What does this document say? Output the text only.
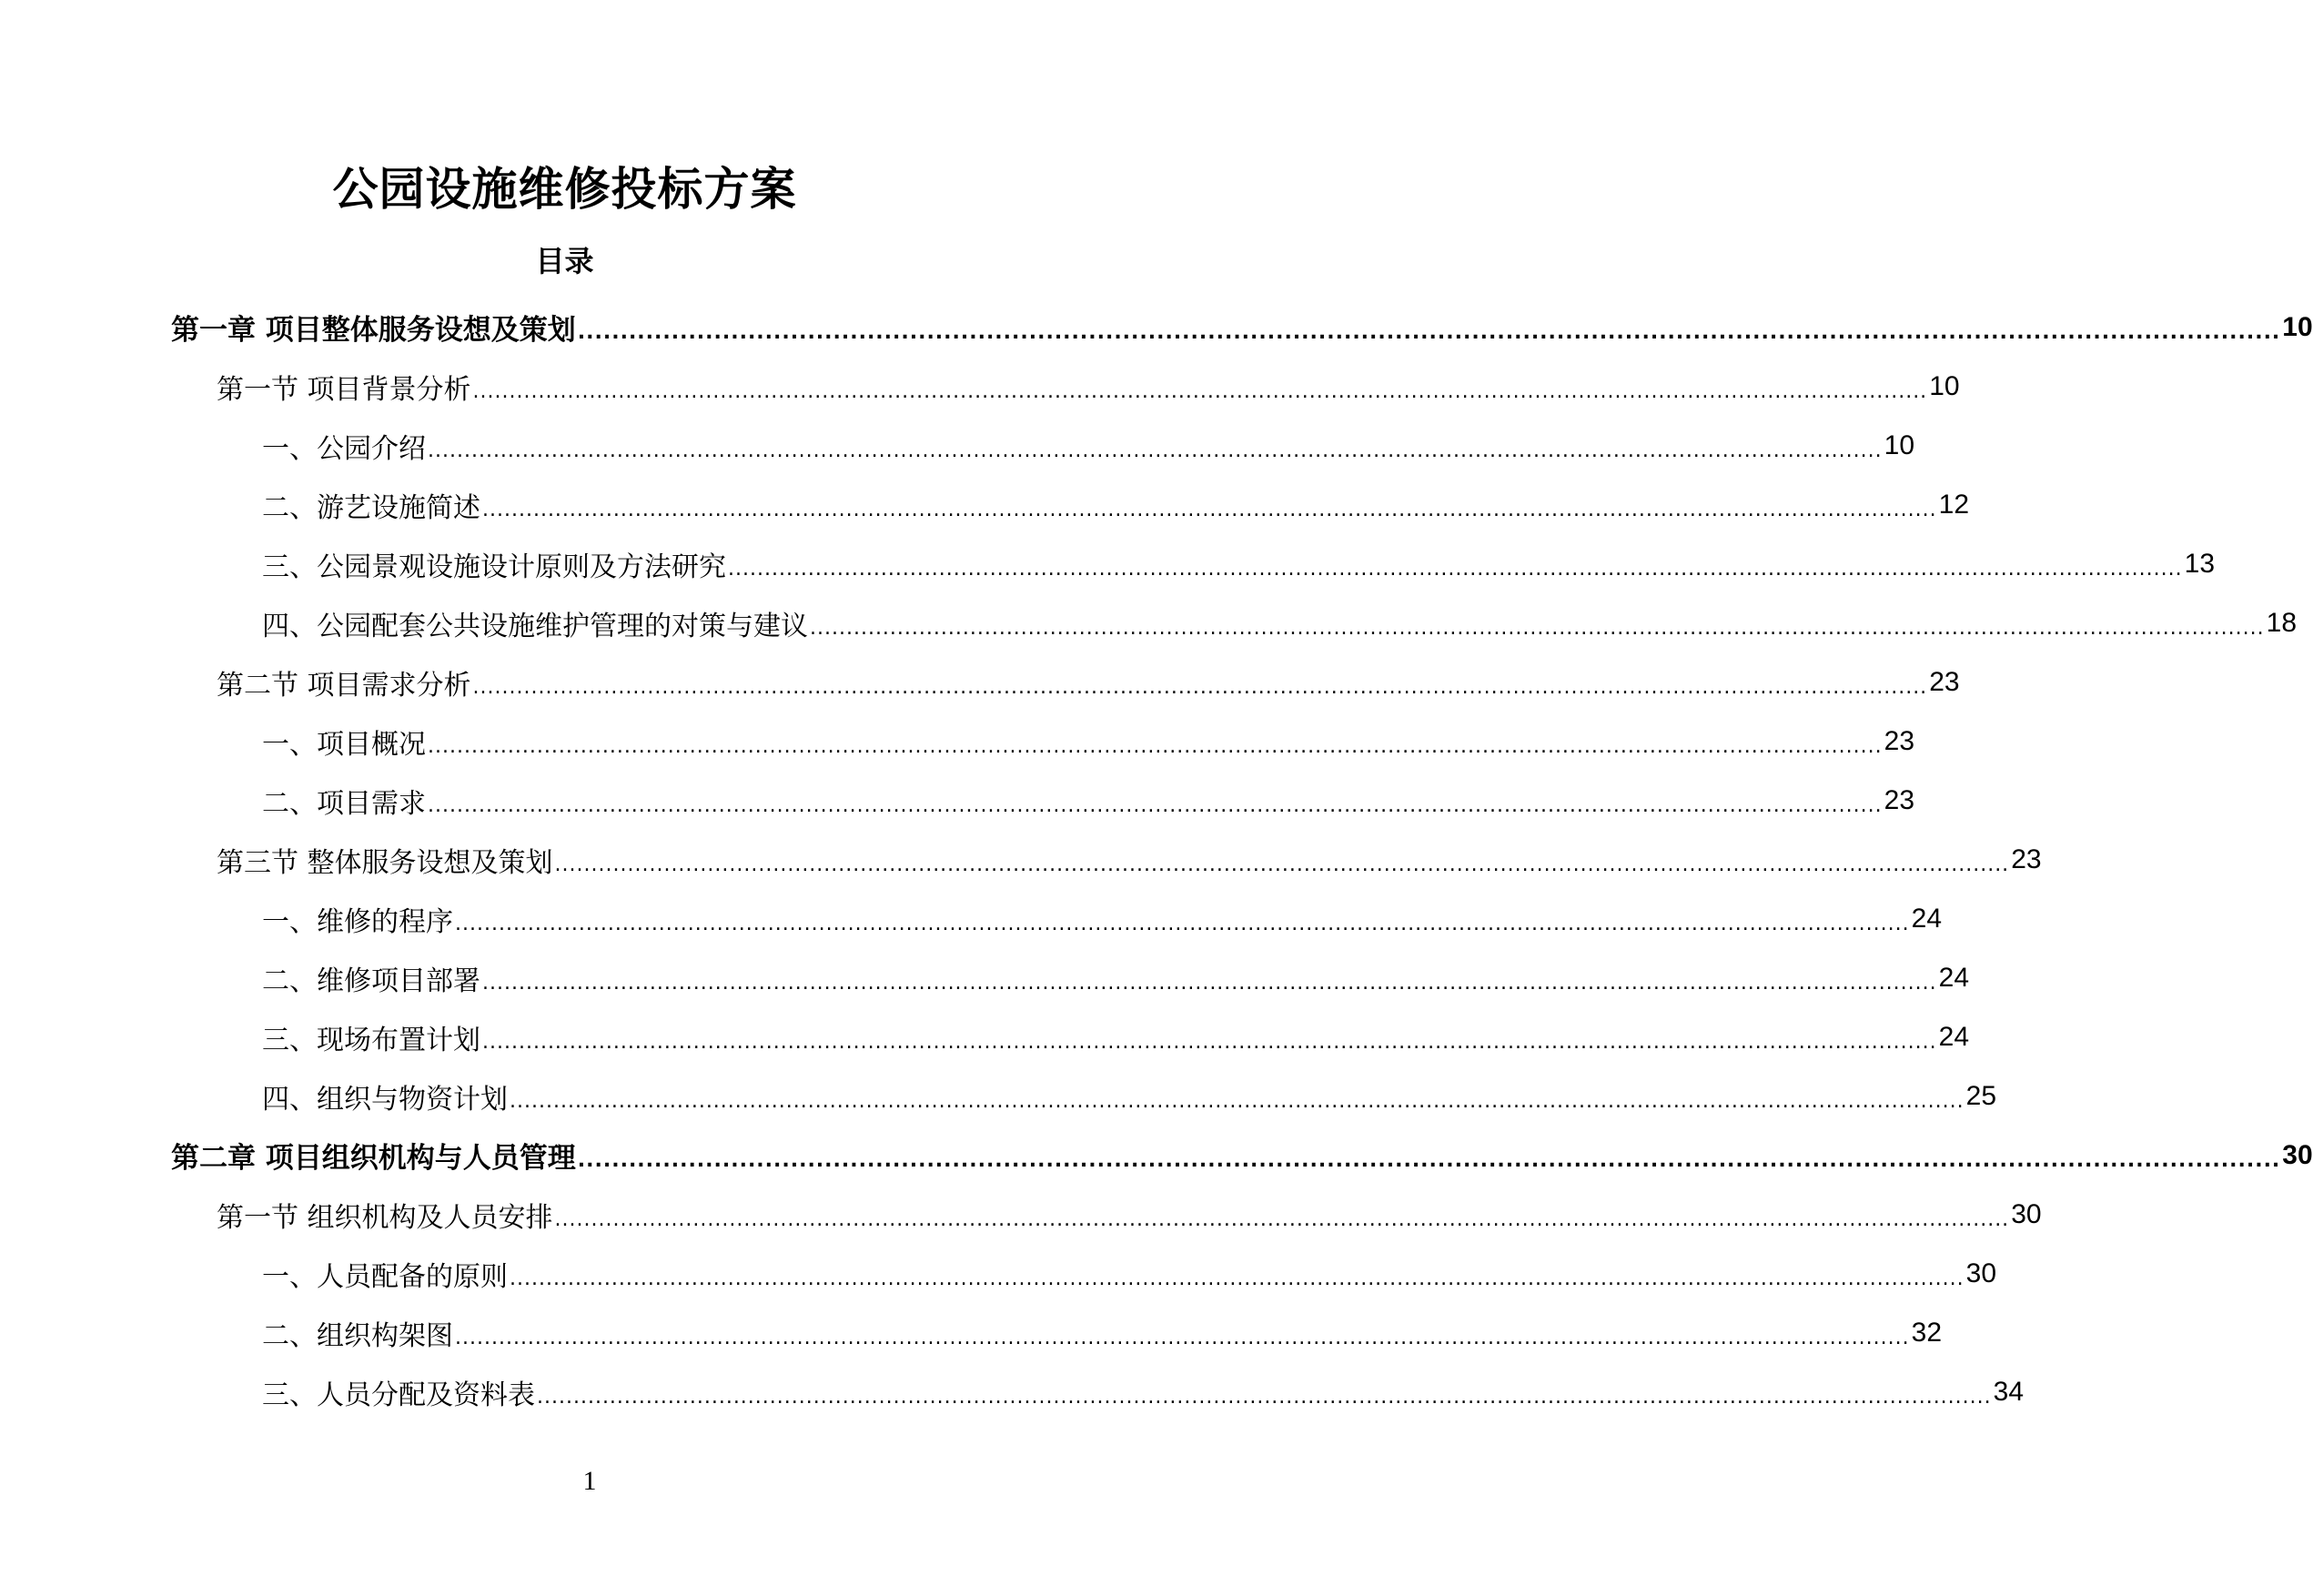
公园设施维修投标方案
目录
第一章 项目整体服务设想及策划 ........................................................................................................................................................................................................ 10
第一节 项目背景分析 ........................................................................................................................................................................................................ 10
一、公园介绍 ........................................................................................................................................................................................................ 10
二、游艺设施简述 ........................................................................................................................................................................................................ 12
三、公园景观设施设计原则及方法研究 ........................................................................................................................................................................................................ 13
四、公园配套公共设施维护管理的对策与建议 ........................................................................................................................................................................................................ 18
第二节 项目需求分析 ........................................................................................................................................................................................................ 23
一、项目概况 ........................................................................................................................................................................................................ 23
二、项目需求 ........................................................................................................................................................................................................ 23
第三节 整体服务设想及策划 ........................................................................................................................................................................................................ 23
一、维修的程序 ........................................................................................................................................................................................................ 24
二、维修项目部署 ........................................................................................................................................................................................................ 24
三、现场布置计划 ........................................................................................................................................................................................................ 24
四、组织与物资计划 ........................................................................................................................................................................................................ 25
第二章 项目组织机构与人员管理 ........................................................................................................................................................................................................ 30
第一节 组织机构及人员安排 ........................................................................................................................................................................................................ 30
一、人员配备的原则 ........................................................................................................................................................................................................ 30
二、组织构架图 ........................................................................................................................................................................................................ 32
三、人员分配及资料表 ........................................................................................................................................................................................................ 34
1
